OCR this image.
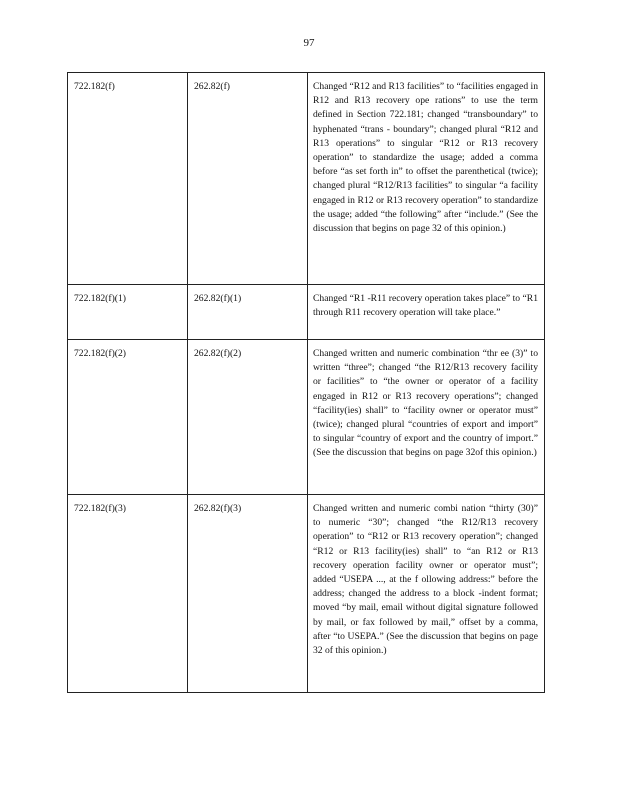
97
722.182(f)	262.82(f)	Changed “R12 and R13 facilities” to “facilities engaged in R12 and R13 recovery ope rations” to use the term defined in Section 722.181; changed “transboundary” to hyphenated “trans - boundary”; changed plural “R12 and R13 operations” to singular “R12 or R13 recovery operation” to standardize the usage; added a comma before “as set forth in” to offset the parenthetical (twice); changed plural “R12/R13 facilities” to singular “a facility engaged in R12 or R13 recovery operation” to standardize the usage; added “the following” after “include.” (See the discussion that begins on page 32 of this opinion.)
722.182(f)(1)	262.82(f)(1)	Changed “R1 -R11 recovery operation takes place” to “R1 through R11 recovery operation will take place.”
722.182(f)(2)	262.82(f)(2)	Changed written and numeric combination “thr ee (3)” to written “three”; changed “the R12/R13 recovery facility or facilities” to “the owner or operator of a facility engaged in R12 or R13 recovery operations”; changed “facility(ies) shall” to “facility owner or operator must” (twice); changed plural “countries of export and import” to singular “country of export and the country of import.” (See the discussion that begins on page 32of this opinion.)
722.182(f)(3)	262.82(f)(3)	Changed written and numeric combi nation “thirty (30)” to numeric “30”; changed “the R12/R13 recovery operation” to “R12 or R13 recovery operation”; changed “R12 or R13 facility(ies) shall” to “an R12 or R13 recovery operation facility owner or operator must”; added “USEPA ..., at the f ollowing address:” before the address; changed the address to a block -indent format; moved “by mail, email without digital signature followed by mail, or fax followed by mail,” offset by a comma, after “to USEPA.” (See the discussion that begins on page 32 of this opinion.)
